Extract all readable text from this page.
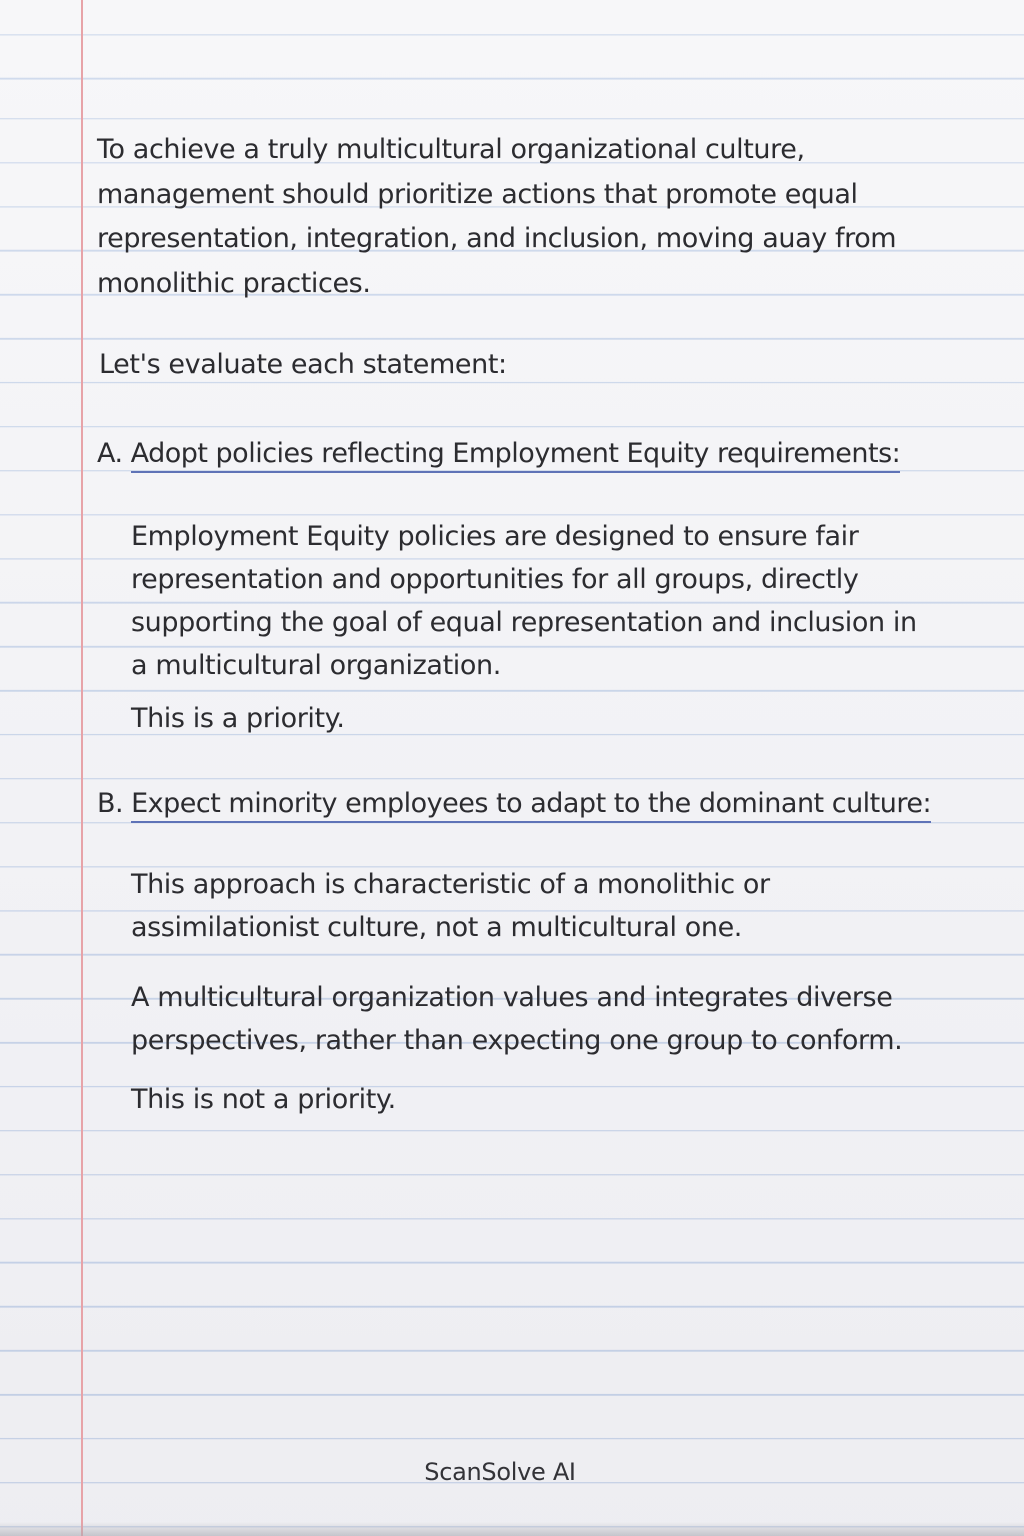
To achieve a truly multicultural organizational culture, management should prioritize actions that promote equal representation, integration, and inclusion, moving auay from monolithic practices.

Let's evaluate each statement:

A. Adopt policies reflecting Employment Equity requirements:

Employment Equity policies are designed to ensure fair representation and opportunities for all groups, directly supporting the goal of equal representation and inclusion in a multicultural organization.

This is a priority.

B. Expect minority employees to adapt to the dominant culture:

This approach is characteristic of a monolithic or assimilationist culture, not a multicultural one.

A multicultural organization values and integrates diverse perspectives, rather than expecting one group to conform.

This is not a priority.

ScanSolve AI
